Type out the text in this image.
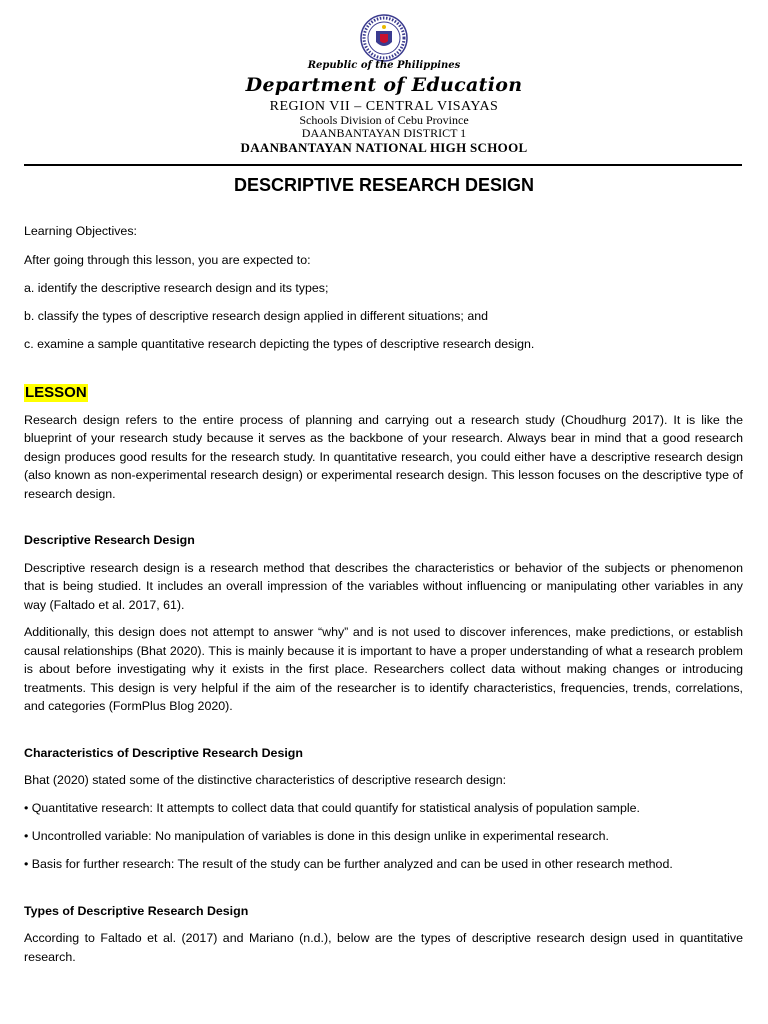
Republic of the Philippines
Department of Education
REGION VII – CENTRAL VISAYAS
Schools Division of Cebu Province
DAANBANTAYAN DISTRICT 1
DAANBANTAYAN NATIONAL HIGH SCHOOL
DESCRIPTIVE RESEARCH DESIGN

Learning Objectives:

After going through this lesson, you are expected to:

a. identify the descriptive research design and its types;

b. classify the types of descriptive research design applied in different situations; and

c. examine a sample quantitative research depicting the types of descriptive research design.

LESSON

Research design refers to the entire process of planning and carrying out a research study (Choudhurg 2017). It is like the blueprint of your research study because it serves as the backbone of your research. Always bear in mind that a good research design produces good results for the research study. In quantitative research, you could either have a descriptive research design (also known as non-experimental research design) or experimental research design. This lesson focuses on the descriptive type of research design.

Descriptive Research Design

Descriptive research design is a research method that describes the characteristics or behavior of the subjects or phenomenon that is being studied. It includes an overall impression of the variables without influencing or manipulating other variables in any way (Faltado et al. 2017, 61).

Additionally, this design does not attempt to answer “why” and is not used to discover inferences, make predictions, or establish causal relationships (Bhat 2020). This is mainly because it is important to have a proper understanding of what a research problem is about before investigating why it exists in the first place. Researchers collect data without making changes or introducing treatments. This design is very helpful if the aim of the researcher is to identify characteristics, frequencies, trends, correlations, and categories (FormPlus Blog 2020).

Characteristics of Descriptive Research Design

Bhat (2020) stated some of the distinctive characteristics of descriptive research design:

• Quantitative research: It attempts to collect data that could quantify for statistical analysis of population sample.

• Uncontrolled variable: No manipulation of variables is done in this design unlike in experimental research.

• Basis for further research: The result of the study can be further analyzed and can be used in other research method.

Types of Descriptive Research Design

According to Faltado et al. (2017) and Mariano (n.d.), below are the types of descriptive research design used in quantitative research.
